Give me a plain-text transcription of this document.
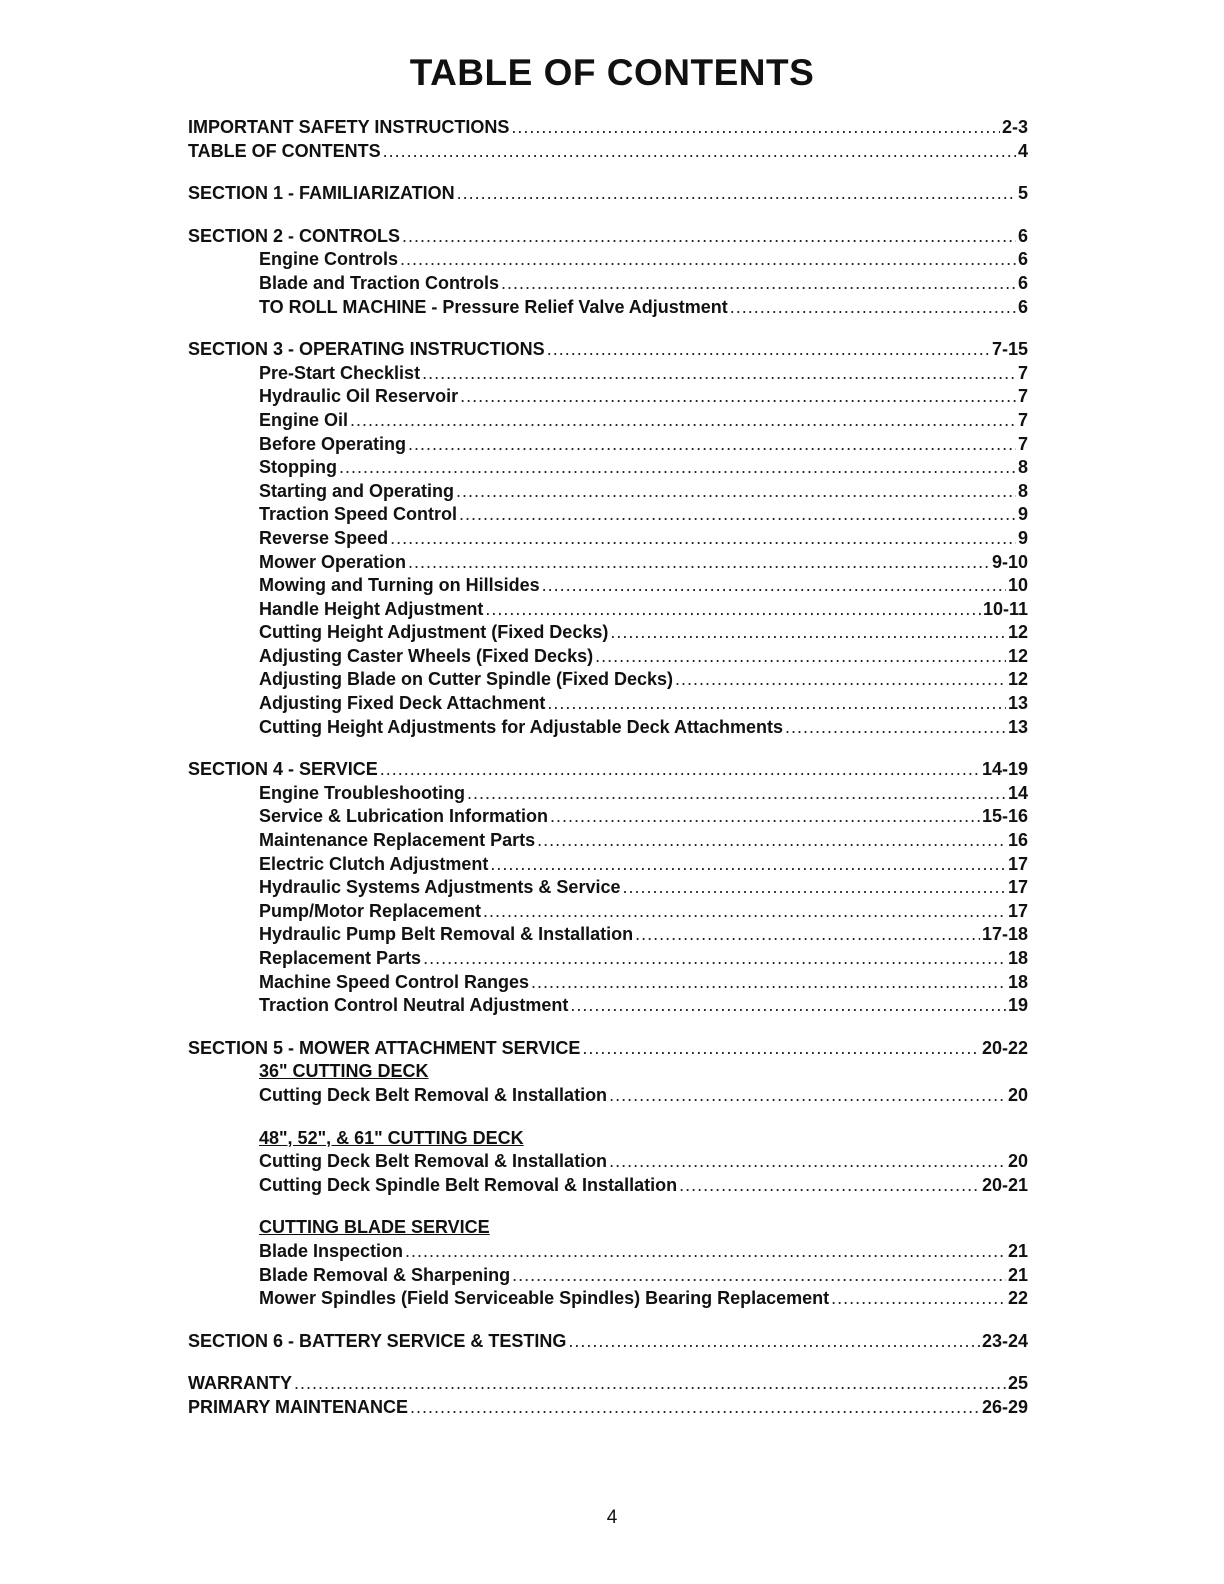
TABLE OF CONTENTS
IMPORTANT SAFETY INSTRUCTIONS .....	2-3
TABLE OF CONTENTS .....	4
SECTION 1 - FAMILIARIZATION .....	5
SECTION 2 - CONTROLS .....	6
Engine Controls .....	6
Blade and Traction Controls .....	6
TO ROLL MACHINE - Pressure Relief Valve Adjustment .....	6
SECTION 3 - OPERATING INSTRUCTIONS .....	7-15
Pre-Start Checklist .....	7
Hydraulic Oil Reservoir .....	7
Engine Oil .....	7
Before Operating .....	7
Stopping .....	8
Starting and Operating .....	8
Traction Speed Control .....	9
Reverse Speed .....	9
Mower Operation .....	9-10
Mowing and Turning on Hillsides .....	10
Handle Height Adjustment .....	10-11
Cutting Height Adjustment (Fixed Decks) .....	12
Adjusting Caster Wheels (Fixed Decks) .....	12
Adjusting Blade on Cutter Spindle (Fixed Decks) .....	12
Adjusting Fixed Deck Attachment .....	13
Cutting Height Adjustments for Adjustable Deck Attachments .....	13
SECTION 4 - SERVICE .....	14-19
Engine Troubleshooting .....	14
Service & Lubrication Information .....	15-16
Maintenance Replacement Parts .....	16
Electric Clutch Adjustment .....	17
Hydraulic Systems Adjustments & Service .....	17
Pump/Motor Replacement .....	17
Hydraulic Pump Belt Removal & Installation .....	17-18
Replacement Parts .....	18
Machine Speed Control Ranges .....	18
Traction Control Neutral Adjustment .....	19
SECTION 5 - MOWER ATTACHMENT SERVICE .....	20-22
36" CUTTING DECK
Cutting Deck Belt Removal & Installation .....	20
48", 52", & 61" CUTTING DECK
Cutting Deck Belt Removal & Installation .....	20
Cutting Deck Spindle Belt Removal & Installation .....	20-21
CUTTING BLADE SERVICE
Blade Inspection .....	21
Blade Removal & Sharpening .....	21
Mower Spindles (Field Serviceable Spindles) Bearing Replacement .....	22
SECTION 6 - BATTERY SERVICE & TESTING .....	23-24
WARRANTY .....	25
PRIMARY MAINTENANCE .....	26-29
4
